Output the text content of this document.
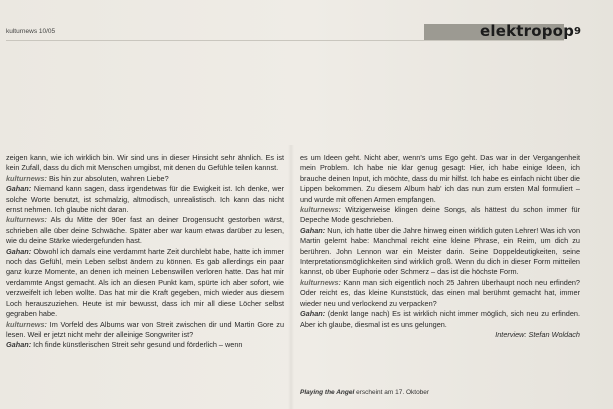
kulturnews 10/05	elektropop 9

zeigen kann, wie ich wirklich bin. Wir sind uns in dieser Hinsicht sehr ähnlich. Es ist kein Zufall, dass du dich mit Menschen umgibst, mit denen du Gefühle teilen kannst.

kulturnews: Bis hin zur absoluten, wahren Liebe?

Gahan: Niemand kann sagen, dass irgendetwas für die Ewigkeit ist. Ich denke, wer solche Worte benutzt, ist schmalzig, altmodisch, unrealistisch. Ich kann das nicht ernst nehmen. Ich glaube nicht daran.

kulturnews: Als du Mitte der 90er fast an deiner Drogensucht gestorben wärst, schrieben alle über deine Schwäche. Später aber war kaum etwas darüber zu lesen, wie du deine Stärke wiedergefunden hast.

Gahan: Obwohl ich damals eine verdammt harte Zeit durchlebt habe, hatte ich immer noch das Gefühl, mein Leben selbst ändern zu können. Es gab allerdings ein paar ganz kurze Momente, an denen ich meinen Lebenswillen verloren hatte. Das hat mir verdammte Angst gemacht. Als ich an diesen Punkt kam, spürte ich aber sofort, wie verzweifelt ich leben wollte. Das hat mir die Kraft gegeben, mich wieder aus diesem Loch herauszuziehen. Heute ist mir bewusst, dass ich mir all diese Löcher selbst gegraben habe.

kulturnews: Im Vorfeld des Albums war von Streit zwischen dir und Martin Gore zu lesen. Weil er jetzt nicht mehr der alleinige Songwriter ist?

Gahan: Ich finde künstlerischen Streit sehr gesund und förderlich – wenn

es um Ideen geht. Nicht aber, wenn's ums Ego geht. Das war in der Vergangenheit mein Problem. Ich habe nie klar genug gesagt: Hier, ich habe einige Ideen, ich brauche deinen Input, ich möchte, dass du mir hilfst. Ich habe es einfach nicht über die Lippen bekommen. Zu diesem Album hab' ich das nun zum ersten Mal formuliert – und wurde mit offenen Armen empfangen.

kulturnews: Witzigerweise klingen deine Songs, als hättest du schon immer für Depeche Mode geschrieben.

Gahan: Nun, ich hatte über die Jahre hinweg einen wirklich guten Lehrer! Was ich von Martin gelernt habe: Manchmal reicht eine kleine Phrase, ein Reim, um dich zu berühren. John Lennon war ein Meister darin. Seine Doppeldeutigkeiten, seine Interpretationsmöglichkeiten sind wirklich groß. Wenn du dich in dieser Form mitteilen kannst, ob über Euphorie oder Schmerz – das ist die höchste Form.

kulturnews: Kann man sich eigentlich noch 25 Jahren überhaupt noch neu erfinden? Oder reicht es, das kleine Kunststück, das einen mal berühmt gemacht hat, immer wieder neu und verlockend zu verpacken?

Gahan: (denkt lange nach) Es ist wirklich nicht immer möglich, sich neu zu erfinden. Aber ich glaube, diesmal ist es uns gelungen.

Interview: Stefan Woldach

Playing the Angel erscheint am 17. Oktober
